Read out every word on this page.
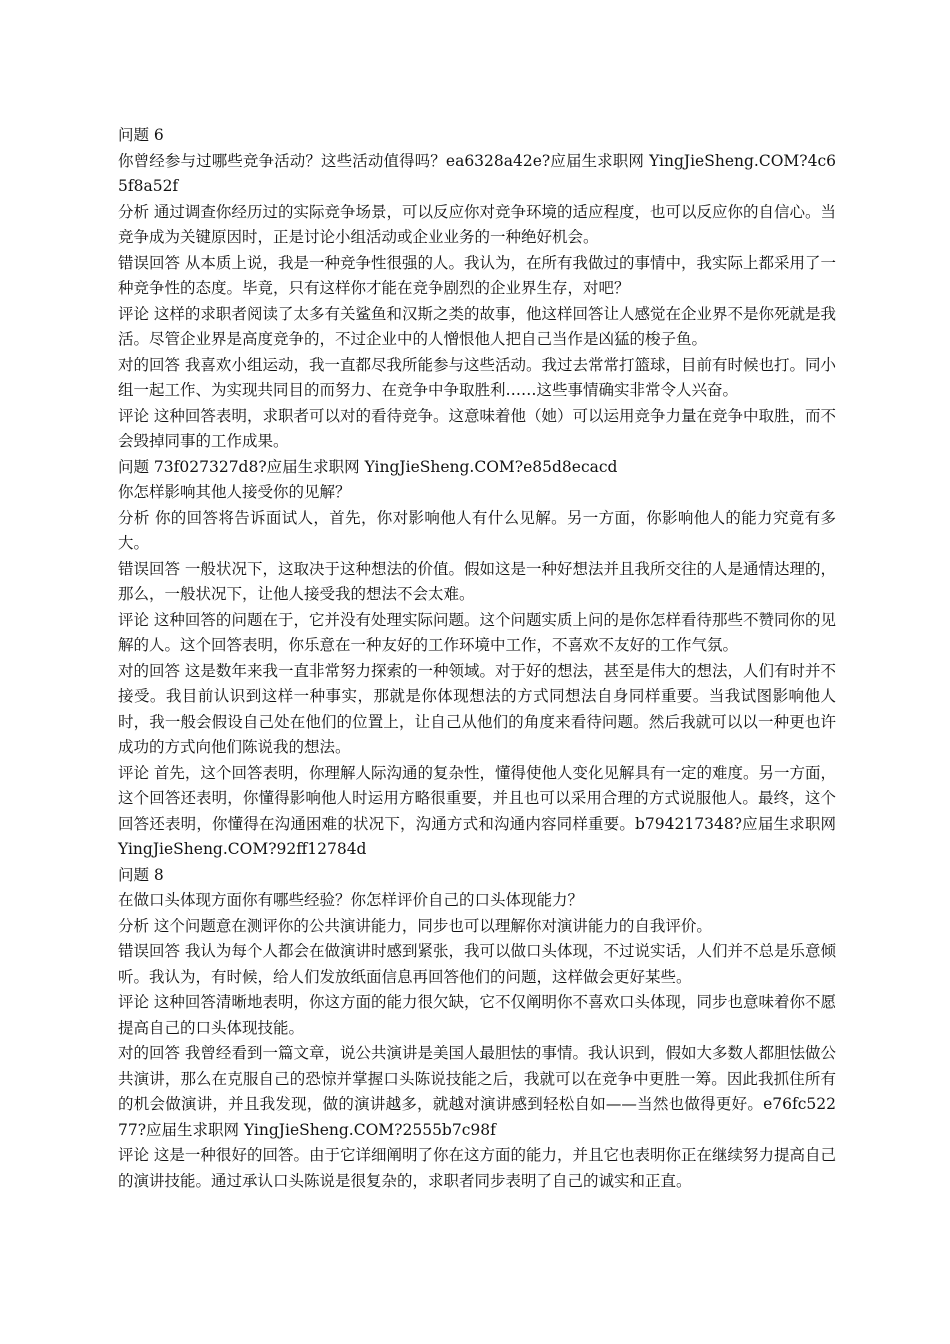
问题 6

你曾经参与过哪些竞争活动？这些活动值得吗？ea6328a42e?应届生求职网 YingJieSheng.COM?4c65f8a52f

分析 通过调查你经历过的实际竞争场景，可以反应你对竞争环境的适应程度，也可以反应你的自信心。当竞争成为关键原因时，正是讨论小组活动或企业业务的一种绝好机会。

错误回答 从本质上说，我是一种竞争性很强的人。我认为，在所有我做过的事情中，我实际上都采用了一种竞争性的态度。毕竟，只有这样你才能在竞争剧烈的企业界生存，对吧？

评论 这样的求职者阅读了太多有关鲨鱼和汉斯之类的故事，他这样回答让人感觉在企业界不是你死就是我活。尽管企业界是高度竞争的，不过企业中的人憎恨他人把自己当作是凶猛的梭子鱼。

对的回答 我喜欢小组运动，我一直都尽我所能参与这些活动。我过去常常打篮球，目前有时候也打。同小组一起工作、为实现共同目的而努力、在竞争中争取胜利……这些事情确实非常令人兴奋。

评论 这种回答表明，求职者可以对的看待竞争。这意味着他（她）可以运用竞争力量在竞争中取胜，而不会毁掉同事的工作成果。

问题 73f027327d8?应届生求职网 YingJieSheng.COM?e85d8ecacd

你怎样影响其他人接受你的见解？

分析 你的回答将告诉面试人，首先，你对影响他人有什么见解。另一方面，你影响他人的能力究竟有多大。

错误回答 一般状况下，这取决于这种想法的价值。假如这是一种好想法并且我所交往的人是通情达理的，那么，一般状况下，让他人接受我的想法不会太难。

评论 这种回答的问题在于，它并没有处理实际问题。这个问题实质上问的是你怎样看待那些不赞同你的见解的人。这个回答表明，你乐意在一种友好的工作环境中工作，不喜欢不友好的工作气氛。

对的回答 这是数年来我一直非常努力探索的一种领域。对于好的想法，甚至是伟大的想法，人们有时并不接受。我目前认识到这样一种事实，那就是你体现想法的方式同想法自身同样重要。当我试图影响他人时，我一般会假设自己处在他们的位置上，让自己从他们的角度来看待问题。然后我就可以以一种更也许成功的方式向他们陈说我的想法。

评论 首先，这个回答表明，你理解人际沟通的复杂性，懂得使他人变化见解具有一定的难度。另一方面，这个回答还表明，你懂得影响他人时运用方略很重要，并且也可以采用合理的方式说服他人。最终，这个回答还表明，你懂得在沟通困难的状况下，沟通方式和沟通内容同样重要。b794217348?应届生求职网 YingJieSheng.COM?92ff12784d

问题 8

在做口头体现方面你有哪些经验？你怎样评价自己的口头体现能力？

分析 这个问题意在测评你的公共演讲能力，同步也可以理解你对演讲能力的自我评价。

错误回答 我认为每个人都会在做演讲时感到紧张，我可以做口头体现，不过说实话，人们并不总是乐意倾听。我认为，有时候，给人们发放纸面信息再回答他们的问题，这样做会更好某些。

评论 这种回答清晰地表明，你这方面的能力很欠缺，它不仅阐明你不喜欢口头体现，同步也意味着你不愿提高自己的口头体现技能。

对的回答 我曾经看到一篇文章，说公共演讲是美国人最胆怯的事情。我认识到，假如大多数人都胆怯做公共演讲，那么在克服自己的恐惊并掌握口头陈说技能之后，我就可以在竞争中更胜一筹。因此我抓住所有的机会做演讲，并且我发现，做的演讲越多，就越对演讲感到轻松自如——当然也做得更好。e76fc52277?应届生求职网 YingJieSheng.COM?2555b7c98f

评论 这是一种很好的回答。由于它详细阐明了你在这方面的能力，并且它也表明你正在继续努力提高自己的演讲技能。通过承认口头陈说是很复杂的，求职者同步表明了自己的诚实和正直。
